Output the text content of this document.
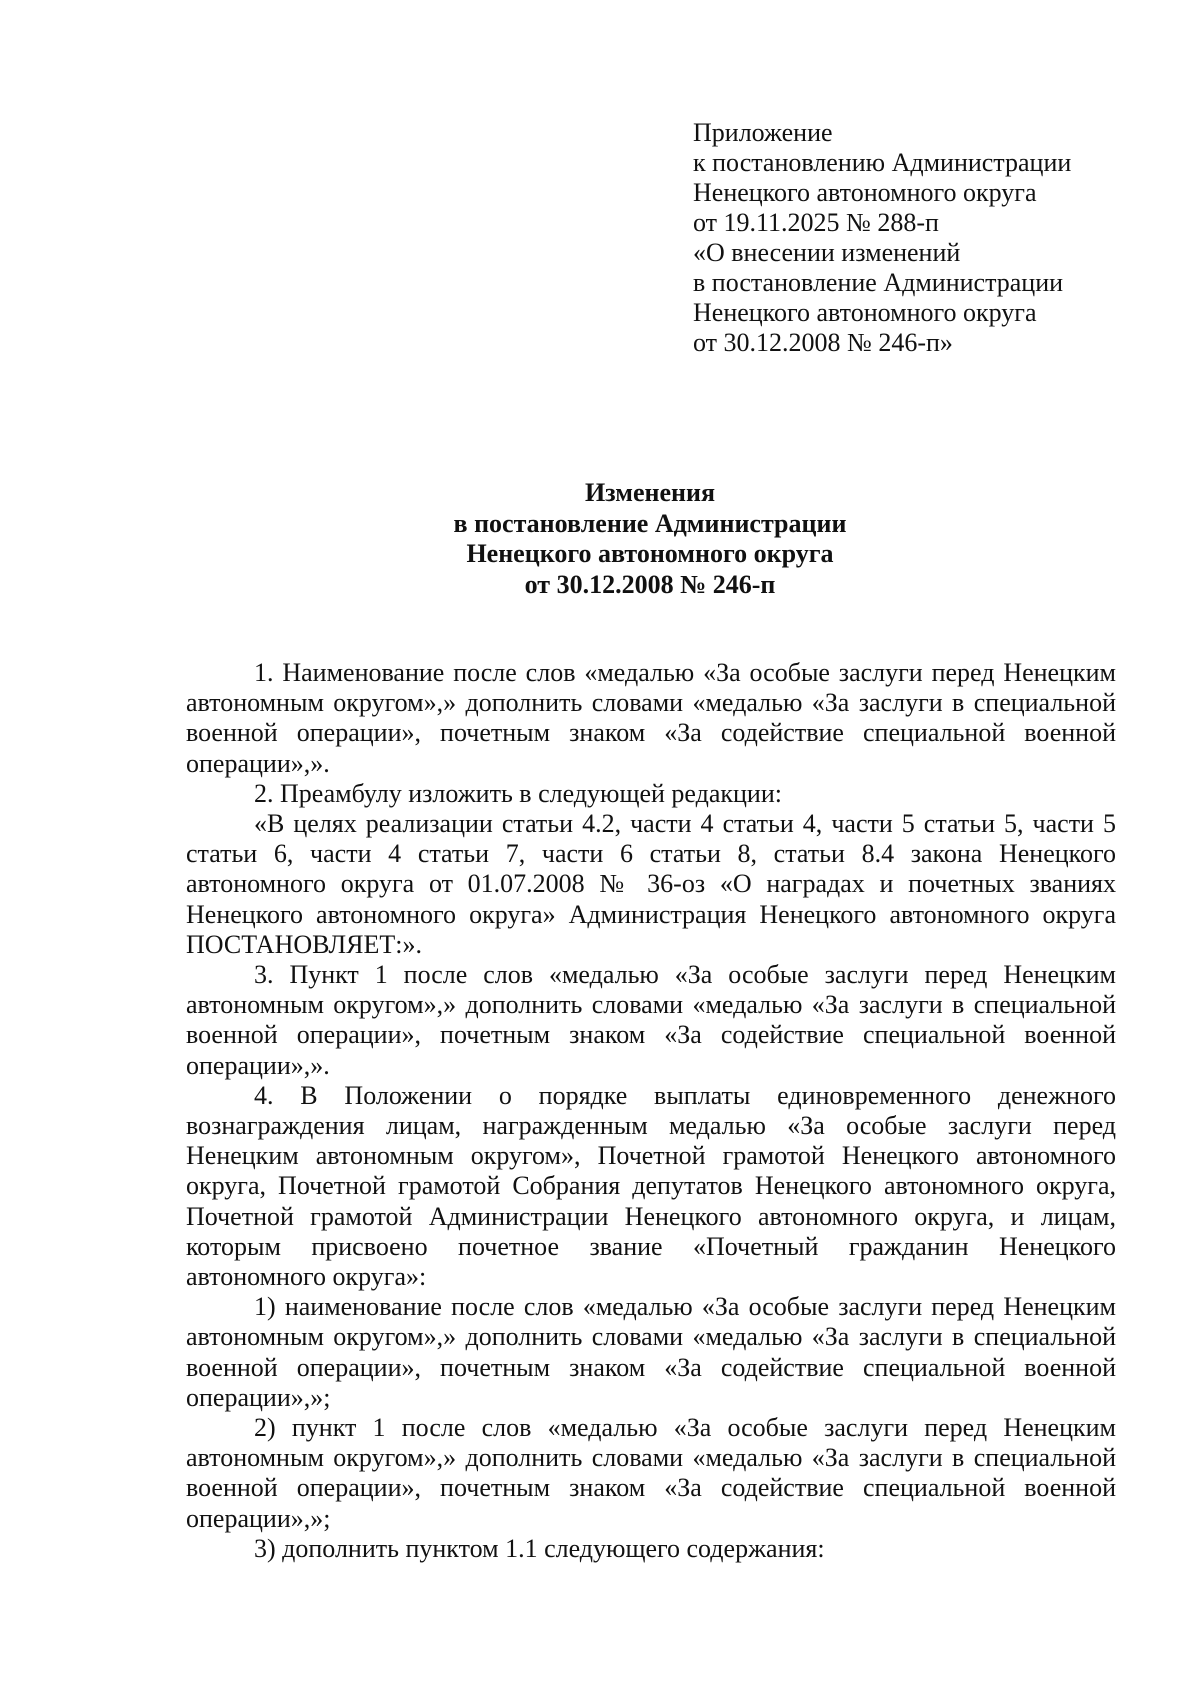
Приложение
к постановлению Администрации
Ненецкого автономного округа
от 19.11.2025 № 288-п
«О внесении изменений
в постановление Администрации
Ненецкого автономного округа
от 30.12.2008 № 246-п»
Изменения
в постановление Администрации
Ненецкого автономного округа
от 30.12.2008 № 246-п

1. Наименование после слов «медалью «За особые заслуги перед Ненецким автономным округом»,» дополнить словами «медалью «За заслуги в специальной военной операции», почетным знаком «За содействие специальной военной операции»,».

2. Преамбулу изложить в следующей редакции:

«В целях реализации статьи 4.2, части 4 статьи 4, части 5 статьи 5, части 5 статьи 6, части 4 статьи 7, части 6 статьи 8, статьи 8.4 закона Ненецкого автономного округа от 01.07.2008 № 36-оз «О наградах и почетных званиях Ненецкого автономного округа» Администрация Ненецкого автономного округа ПОСТАНОВЛЯЕТ:».

3. Пункт 1 после слов «медалью «За особые заслуги перед Ненецким автономным округом»,» дополнить словами «медалью «За заслуги в специальной военной операции», почетным знаком «За содействие специальной военной операции»,».

4. В Положении о порядке выплаты единовременного денежного вознаграждения лицам, награжденным медалью «За особые заслуги перед Ненецким автономным округом», Почетной грамотой Ненецкого автономного округа, Почетной грамотой Собрания депутатов Ненецкого автономного округа, Почетной грамотой Администрации Ненецкого автономного округа, и лицам, которым присвоено почетное звание «Почетный гражданин Ненецкого автономного округа»:

1) наименование после слов «медалью «За особые заслуги перед Ненецким автономным округом»,» дополнить словами «медалью «За заслуги в специальной военной операции», почетным знаком «За содействие специальной военной операции»,»;

2) пункт 1 после слов «медалью «За особые заслуги перед Ненецким автономным округом»,» дополнить словами «медалью «За заслуги в специальной военной операции», почетным знаком «За содействие специальной военной операции»,»;

3) дополнить пунктом 1.1 следующего содержания:
